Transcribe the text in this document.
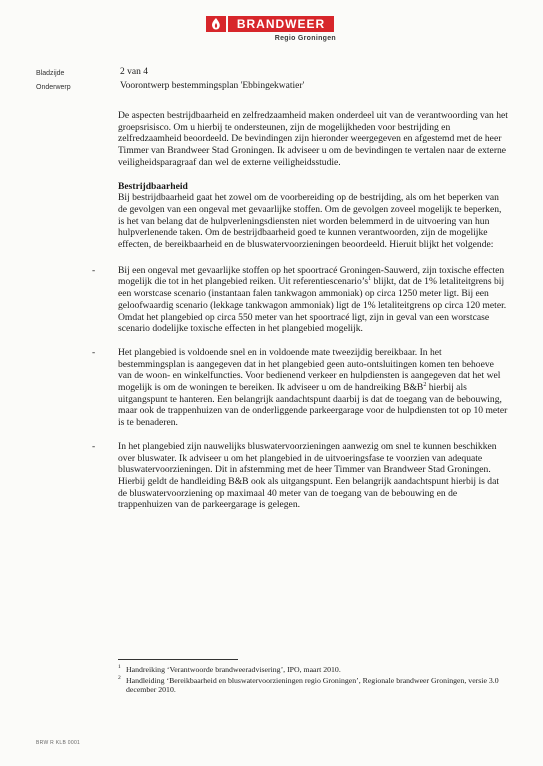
BRANDWEER
Regio Groningen
Bladzijde	2 van 4
Onderwerp	Voorontwerp bestemmingsplan 'Ebbingekwatier'

De aspecten bestrijdbaarheid en zelfredzaamheid maken onderdeel uit van de verantwoording van het groepsrisisco. Om u hierbij te ondersteunen, zijn de mogelijkheden voor bestrijding en zelfredzaamheid beoordeeld. De bevindingen zijn hieronder weergegeven en afgestemd met de heer Timmer van Brandweer Stad Groningen. Ik adviseer u om de bevindingen te vertalen naar de externe veiligheidsparagraaf dan wel de externe veiligheidsstudie.

Bestrijdbaarheid

Bij bestrijdbaarheid gaat het zowel om de voorbereiding op de bestrijding, als om het beperken van de gevolgen van een ongeval met gevaarlijke stoffen. Om de gevolgen zoveel mogelijk te beperken, is het van belang dat de hulpverleningsdiensten niet worden belemmerd in de uitvoering van hun hulpverlenende taken. Om de bestrijdbaarheid goed te kunnen verantwoorden, zijn de mogelijke effecten, de bereikbaarheid en de bluswatervoorzieningen beoordeeld. Hieruit blijkt het volgende:

- Bij een ongeval met gevaarlijke stoffen op het spoortracé Groningen-Sauwerd, zijn toxische effecten mogelijk die tot in het plangebied reiken. Uit $referentiescenario’s^1$ blijkt, dat de 1% letaliteitgrens bij een worstcase scenario (instantaan falen tankwagon ammoniak) op circa 1250 meter ligt. Bij een geloofwaardig scenario (lekkage tankwagon ammoniak) ligt de 1% letaliteitgrens op circa 120 meter. Omdat het plangebied op circa 550 meter van het spoortracé ligt, zijn in geval van een worstcase scenario dodelijke toxische effecten in het plangebied mogelijk.
- Het plangebied is voldoende snel en in voldoende mate tweezijdig bereikbaar. In het bestemmingsplan is aangegeven dat in het plangebied geen auto-ontsluitingen komen ten behoeve van de woon- en winkelfuncties. Voor bedienend verkeer en hulpdiensten is aangegeven dat het wel mogelijk is om de woningen te bereiken. Ik adviseer u om de handreiking $B\&B^2$ hierbij als uitgangspunt te hanteren. Een belangrijk aandachtspunt daarbij is dat de toegang van de bebouwing, maar ook de trappenhuizen van de onderliggende parkeergarage voor de hulpdiensten tot op 10 meter is te benaderen.
- In het plangebied zijn nauwelijks bluswatervoorzieningen aanwezig om snel te kunnen beschikken over bluswater. Ik adviseer u om het plangebied in de uitvoeringsfase te voorzien van adequate bluswatervoorzieningen. Dit in afstemming met de heer Timmer van Brandweer Stad Groningen. Hierbij geldt de handleiding B&B ook als uitgangspunt. Een belangrijk aandachtspunt hierbij is dat de bluswatervoorziening op maximaal 40 meter van de toegang van de bebouwing en de trappenhuizen van de parkeergarage is gelegen.
1 Handreiking ‘Verantwoorde brandweeradvisering’, IPO, maart 2010.
2 Handleiding ‘Bereikbaarheid en bluswatervoorzieningen regio Groningen’, Regionale brandweer Groningen, versie 3.0 december 2010.
BRW R KLB 0001
